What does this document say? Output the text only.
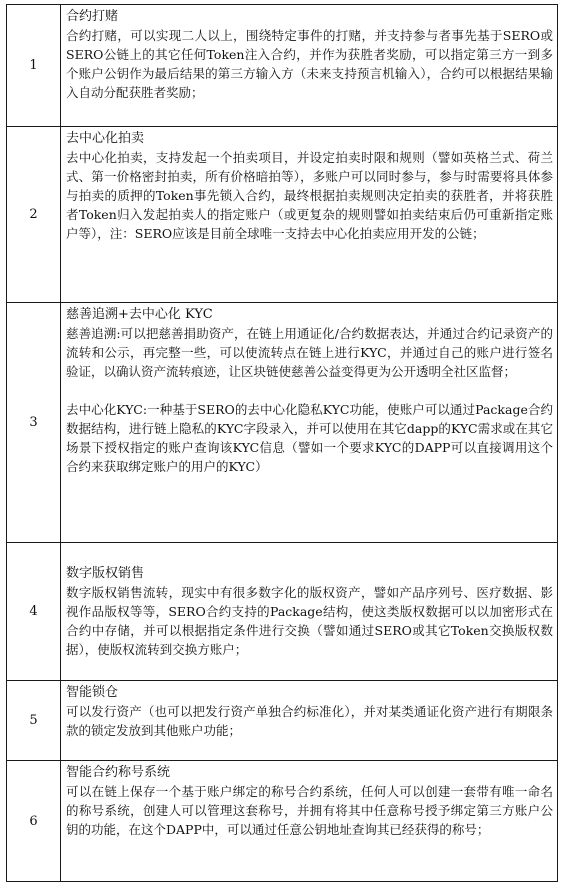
1
合约打赌
合约打赌，可以实现二人以上，围绕特定事件的打赌，并支持参与者事先基于SERO或SERO公链上的其它任何Token注入合约，并作为获胜者奖励，可以指定第三方一到多个账户公钥作为最后结果的第三方输入方（未来支持预言机输入），合约可以根据结果输入自动分配获胜者奖励；
2
去中心化拍卖
去中心化拍卖，支持发起一个拍卖项目，并设定拍卖时限和规则（譬如英格兰式、荷兰式、第一价格密封拍卖，所有价格暗拍等），多账户可以同时参与，参与时需要将具体参与拍卖的质押的Token事先锁入合约，最终根据拍卖规则决定拍卖的获胜者，并将获胜者Token归入发起拍卖人的指定账户（或更复杂的规则譬如拍卖结束后仍可重新指定账户等），注：SERO应该是目前全球唯一支持去中心化拍卖应用开发的公链；
3
慈善追溯+去中心化 KYC
慈善追溯:可以把慈善捐助资产，在链上用通证化/合约数据表达，并通过合约记录资产的流转和公示，再完整一些，可以使流转点在链上进行KYC，并通过自己的账户进行签名验证，以确认资产流转痕迹，让区块链使慈善公益变得更为公开透明全社区监督；
去中心化KYC:一种基于SERO的去中心化隐私KYC功能，使账户可以通过Package合约数据结构，进行链上隐私的KYC字段录入，并可以使用在其它dapp的KYC需求或在其它场景下授权指定的账户查询该KYC信息（譬如一个要求KYC的DAPP可以直接调用这个合约来获取绑定账户的用户的KYC）
4
数字版权销售
数字版权销售流转，现实中有很多数字化的版权资产，譬如产品序列号、医疗数据、影视作品版权等等，SERO合约支持的Package结构，使这类版权数据可以以加密形式在合约中存储，并可以根据指定条件进行交换（譬如通过SERO或其它Token交换版权数据），使版权流转到交换方账户；
5
智能锁仓
可以发行资产（也可以把发行资产单独合约标准化），并对某类通证化资产进行有期限条款的锁定发放到其他账户功能；
6
智能合约称号系统
可以在链上保存一个基于账户绑定的称号合约系统，任何人可以创建一套带有唯一命名的称号系统，创建人可以管理这套称号，并拥有将其中任意称号授予绑定第三方账户公钥的功能，在这个DAPP中，可以通过任意公钥地址查询其已经获得的称号；
